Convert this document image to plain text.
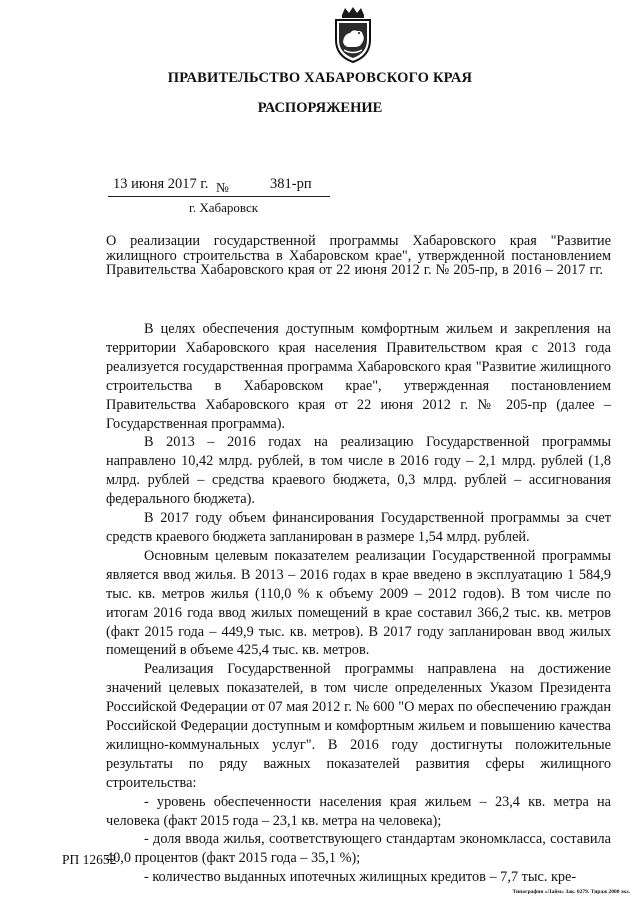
ПРАВИТЕЛЬСТВО ХАБАРОВСКОГО КРАЯ
РАСПОРЯЖЕНИЕ
13 июня 2017 г. №	381-рп
г. Хабаровск
О реализации государственной программы Хабаровского края "Развитие жилищного строительства в Хабаровском крае", утвержденной постановлением Правительства Хабаровского края от 22 июня 2012 г. № 205-пр, в 2016 – 2017 гг.

В целях обеспечения доступным комфортным жильем и закрепления на территории Хабаровского края населения Правительством края с 2013 года реализуется государственная программа Хабаровского края "Развитие жилищного строительства в Хабаровском крае", утвержденная постановлением Правительства Хабаровского края от 22 июня 2012 г. № 205-пр (далее – Государственная программа).

В 2013 – 2016 годах на реализацию Государственной программы направлено 10,42 млрд. рублей, в том числе в 2016 году – 2,1 млрд. рублей (1,8 млрд. рублей – средства краевого бюджета, 0,3 млрд. рублей – ассигнования федерального бюджета).

В 2017 году объем финансирования Государственной программы за счет средств краевого бюджета запланирован в размере 1,54 млрд. рублей.

Основным целевым показателем реализации Государственной программы является ввод жилья. В 2013 – 2016 годах в крае введено в эксплуатацию 1 584,9 тыс. кв. метров жилья (110,0 % к объему 2009 – 2012 годов). В том числе по итогам 2016 года ввод жилых помещений в крае составил 366,2 тыс. кв. метров (факт 2015 года – 449,9 тыс. кв. метров). В 2017 году запланирован ввод жилых помещений в объеме 425,4 тыс. кв. метров.

Реализация Государственной программы направлена на достижение значений целевых показателей, в том числе определенных Указом Президента Российской Федерации от 07 мая 2012 г. № 600 "О мерах по обеспечению граждан Российской Федерации доступным и комфортным жильем и повышению качества жилищно-коммунальных услуг". В 2016 году достигнуты положительные результаты по ряду важных показателей развития сферы жилищного строительства:

- уровень обеспеченности населения края жильем – 23,4 кв. метра на человека (факт 2015 года – 23,1 кв. метра на человека);

- доля ввода жилья, соответствующего стандартам экономкласса, составила 40,0 процентов (факт 2015 года – 35,1 %);

- количество выданных ипотечных жилищных кредитов – 7,7 тыс. кре-

РП 12652
Типография «Лайм» Зак. 0279. Тираж 2000 экз.
